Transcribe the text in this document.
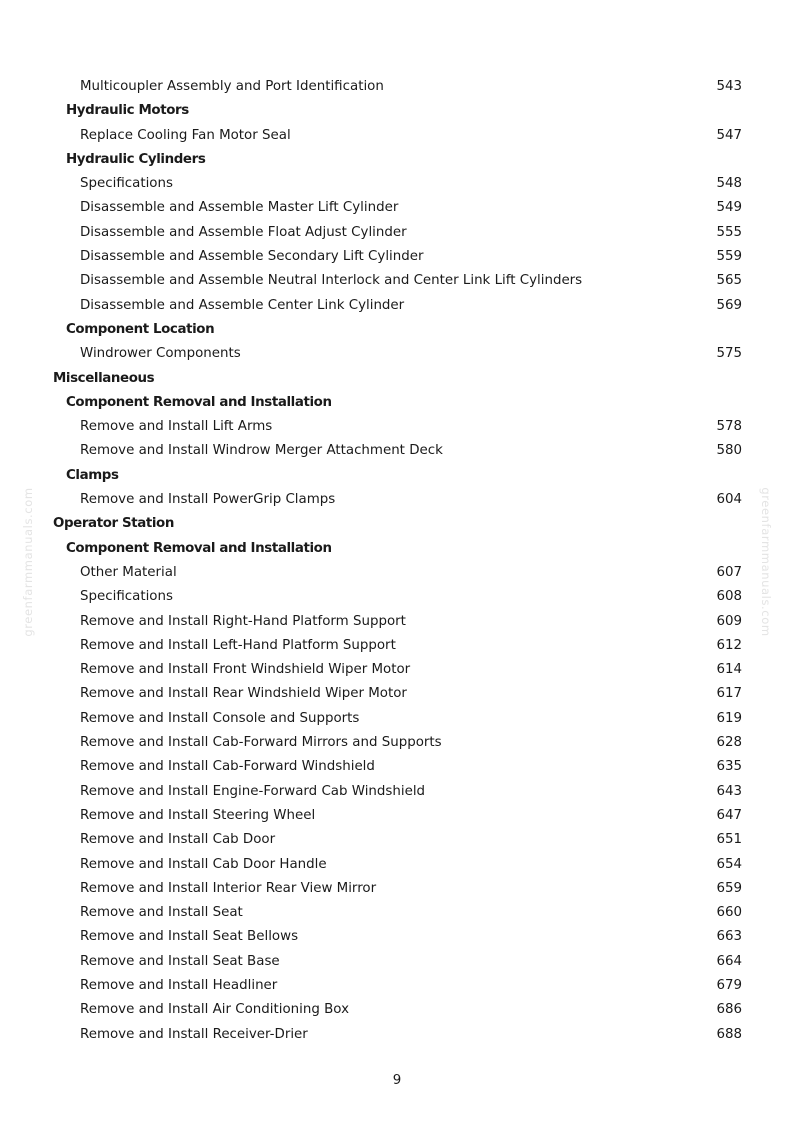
greenfarmmanuals.com	greenfarmmanuals.com
Multicoupler Assembly and Port Identification	543
Hydraulic Motors
Replace Cooling Fan Motor Seal	547
Hydraulic Cylinders
Specifications	548
Disassemble and Assemble Master Lift Cylinder	549
Disassemble and Assemble Float Adjust Cylinder	555
Disassemble and Assemble Secondary Lift Cylinder	559
Disassemble and Assemble Neutral Interlock and Center Link Lift Cylinders	565
Disassemble and Assemble Center Link Cylinder	569
Component Location
Windrower Components	575
Miscellaneous
Component Removal and Installation
Remove and Install Lift Arms	578
Remove and Install Windrow Merger Attachment Deck	580
Clamps
Remove and Install PowerGrip Clamps	604
Operator Station
Component Removal and Installation
Other Material	607
Specifications	608
Remove and Install Right-Hand Platform Support	609
Remove and Install Left-Hand Platform Support	612
Remove and Install Front Windshield Wiper Motor	614
Remove and Install Rear Windshield Wiper Motor	617
Remove and Install Console and Supports	619
Remove and Install Cab-Forward Mirrors and Supports	628
Remove and Install Cab-Forward Windshield	635
Remove and Install Engine-Forward Cab Windshield	643
Remove and Install Steering Wheel	647
Remove and Install Cab Door	651
Remove and Install Cab Door Handle	654
Remove and Install Interior Rear View Mirror	659
Remove and Install Seat	660
Remove and Install Seat Bellows	663
Remove and Install Seat Base	664
Remove and Install Headliner	679
Remove and Install Air Conditioning Box	686
Remove and Install Receiver-Drier	688
9
